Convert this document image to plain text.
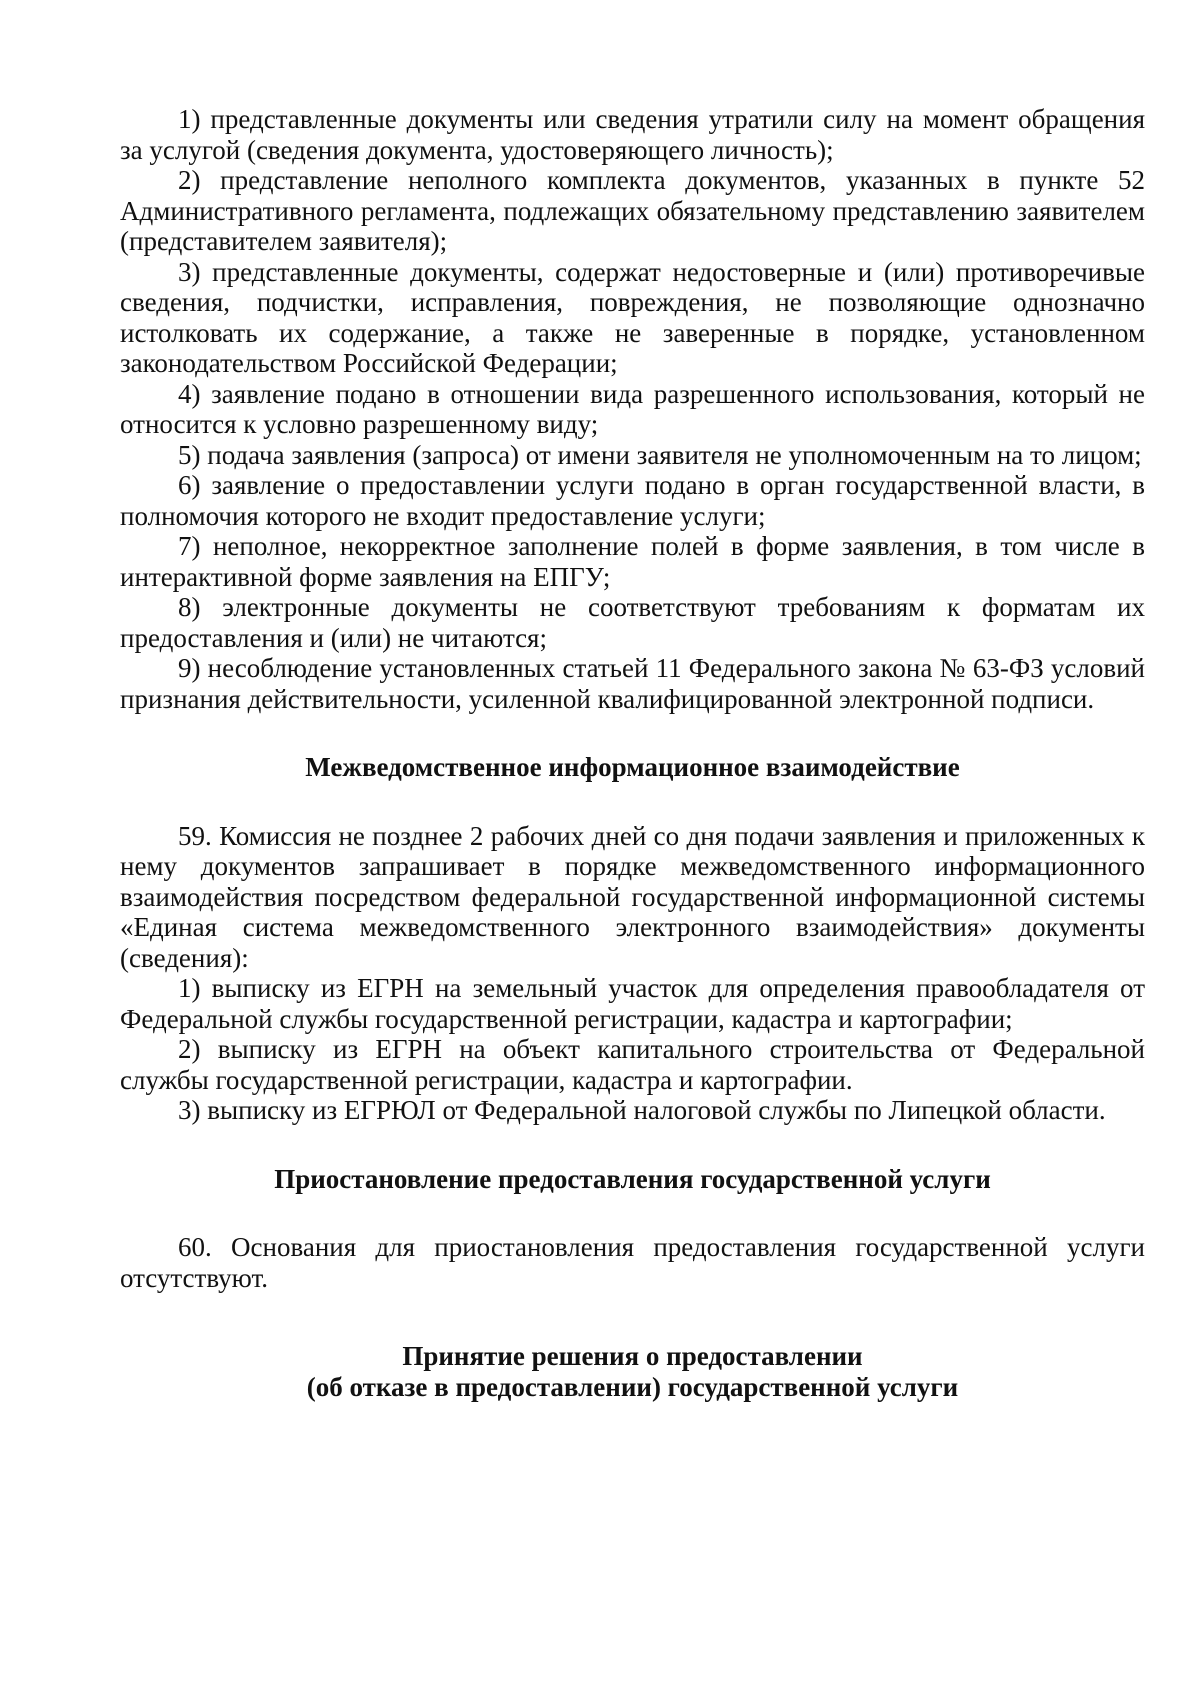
1) представленные документы или сведения утратили силу на момент обращения за услугой (сведения документа, удостоверяющего личность);

2) представление неполного комплекта документов, указанных в пункте 52 Административного регламента, подлежащих обязательному представлению заявителем (представителем заявителя);

3) представленные документы, содержат недостоверные и (или) противоречивые сведения, подчистки, исправления, повреждения, не позволяющие однозначно истолковать их содержание, а также не заверенные в порядке, установленном законодательством Российской Федерации;

4) заявление подано в отношении вида разрешенного использования, который не относится к условно разрешенному виду;

5) подача заявления (запроса) от имени заявителя не уполномоченным на то лицом;

6) заявление о предоставлении услуги подано в орган государственной власти, в полномочия которого не входит предоставление услуги;

7) неполное, некорректное заполнение полей в форме заявления, в том числе в интерактивной форме заявления на ЕПГУ;

8) электронные документы не соответствуют требованиям к форматам их предоставления и (или) не читаются;

9) несоблюдение установленных статьей 11 Федерального закона № 63-ФЗ условий признания действительности, усиленной квалифицированной электронной подписи.

Межведомственное информационное взаимодействие

59. Комиссия не позднее 2 рабочих дней со дня подачи заявления и приложенных к нему документов запрашивает в порядке межведомственного информационного взаимодействия посредством федеральной государственной информационной системы «Единая система межведомственного электронного взаимодействия» документы (сведения):

1) выписку из ЕГРН на земельный участок для определения правообладателя от Федеральной службы государственной регистрации, кадастра и картографии;

2) выписку из ЕГРН на объект капитального строительства от Федеральной службы государственной регистрации, кадастра и картографии.

3) выписку из ЕГРЮЛ от Федеральной налоговой службы по Липецкой области.

Приостановление предоставления государственной услуги

60. Основания для приостановления предоставления государственной услуги отсутствуют.

Принятие решения о предоставлении
(об отказе в предоставлении) государственной услуги
